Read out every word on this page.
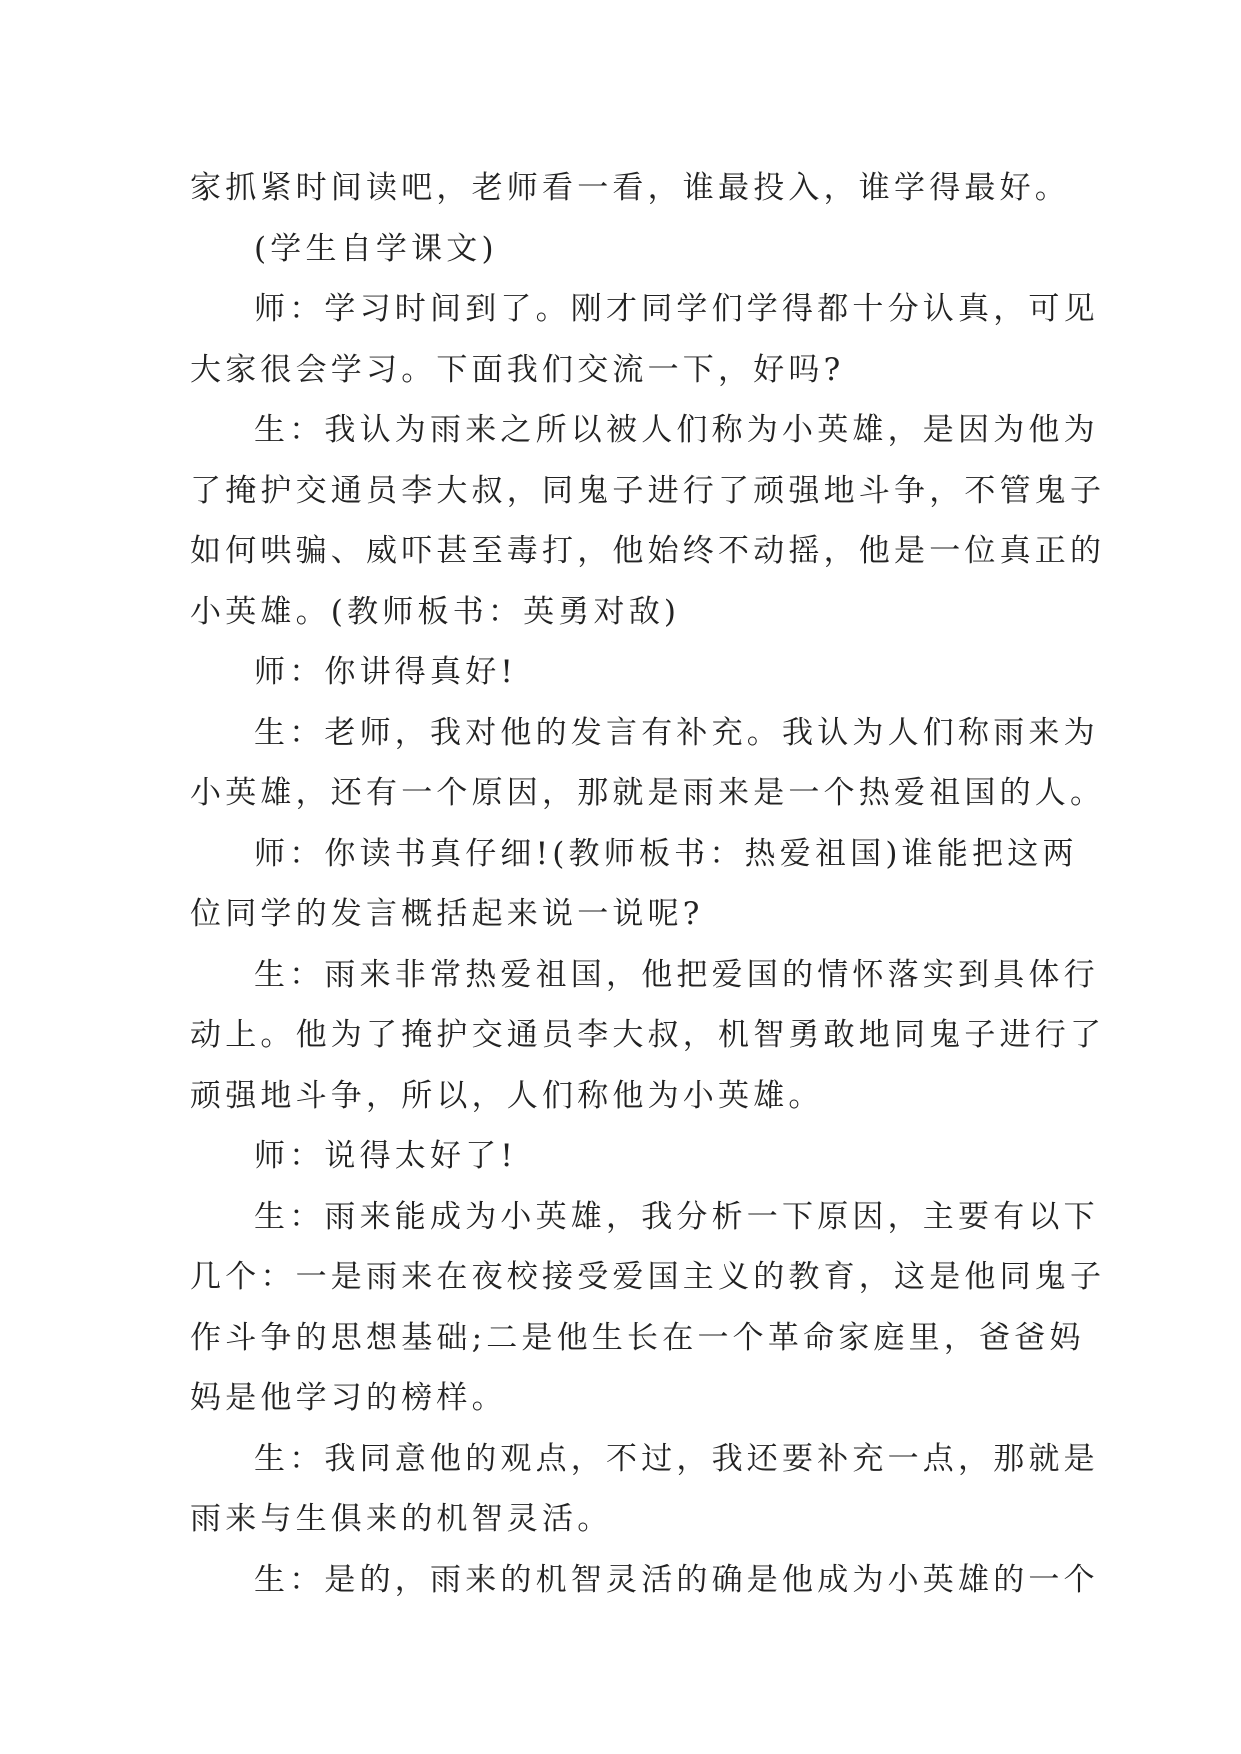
家抓紧时间读吧，老师看一看，谁最投入，谁学得最好。

(学生自学课文)

师：学习时间到了。刚才同学们学得都十分认真，可见
大家很会学习。下面我们交流一下，好吗?

生：我认为雨来之所以被人们称为小英雄，是因为他为
了掩护交通员李大叔，同鬼子进行了顽强地斗争，不管鬼子
如何哄骗、威吓甚至毒打，他始终不动摇，他是一位真正的
小英雄。(教师板书：英勇对敌)

师：你讲得真好!

生：老师，我对他的发言有补充。我认为人们称雨来为
小英雄，还有一个原因，那就是雨来是一个热爱祖国的人。

师：你读书真仔细!(教师板书：热爱祖国)谁能把这两
位同学的发言概括起来说一说呢?

生：雨来非常热爱祖国，他把爱国的情怀落实到具体行
动上。他为了掩护交通员李大叔，机智勇敢地同鬼子进行了
顽强地斗争，所以，人们称他为小英雄。

师：说得太好了!

生：雨来能成为小英雄，我分析一下原因，主要有以下
几个：一是雨来在夜校接受爱国主义的教育，这是他同鬼子
作斗争的思想基础;二是他生长在一个革命家庭里，爸爸妈
妈是他学习的榜样。

生：我同意他的观点，不过，我还要补充一点，那就是
雨来与生俱来的机智灵活。

生：是的，雨来的机智灵活的确是他成为小英雄的一个
